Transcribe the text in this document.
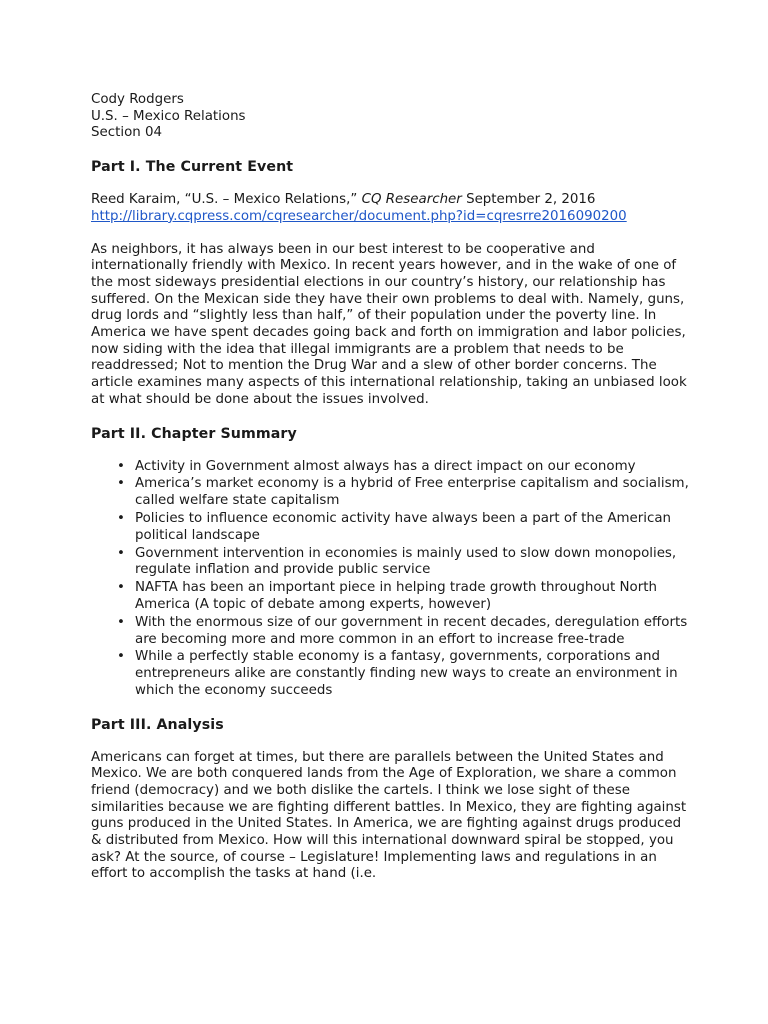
Cody Rodgers

U.S. – Mexico Relations

Section 04

Part I. The Current Event
Reed Karaim, “U.S. – Mexico Relations,” CQ Researcher September 2, 2016
http://library.cqpress.com/cqresearcher/document.php?id=cqresrre2016090200

As neighbors, it has always been in our best interest to be cooperative and internationally friendly with Mexico. In recent years however, and in the wake of one of the most sideways presidential elections in our country’s history, our relationship has suffered. On the Mexican side they have their own problems to deal with. Namely, guns, drug lords and “slightly less than half,” of their population under the poverty line. In America we have spent decades going back and forth on immigration and labor policies, now siding with the idea that illegal immigrants are a problem that needs to be readdressed; Not to mention the Drug War and a slew of other border concerns. The article examines many aspects of this international relationship, taking an unbiased look at what should be done about the issues involved.

Part II. Chapter Summary
• Activity in Government almost always has a direct impact on our economy
• America’s market economy is a hybrid of Free enterprise capitalism and socialism, called welfare state capitalism
• Policies to influence economic activity have always been a part of the American political landscape
• Government intervention in economies is mainly used to slow down monopolies, regulate inflation and provide public service
• NAFTA has been an important piece in helping trade growth throughout North America (A topic of debate among experts, however)
• With the enormous size of our government in recent decades, deregulation efforts are becoming more and more common in an effort to increase free-trade
• While a perfectly stable economy is a fantasy, governments, corporations and entrepreneurs alike are constantly finding new ways to create an environment in which the economy succeeds
Part III. Analysis

Americans can forget at times, but there are parallels between the United States and Mexico. We are both conquered lands from the Age of Exploration, we share a common friend (democracy) and we both dislike the cartels. I think we lose sight of these similarities because we are fighting different battles. In Mexico, they are fighting against guns produced in the United States. In America, we are fighting against drugs produced & distributed from Mexico. How will this international downward spiral be stopped, you ask? At the source, of course – Legislature! Implementing laws and regulations in an effort to accomplish the tasks at hand (i.e.
